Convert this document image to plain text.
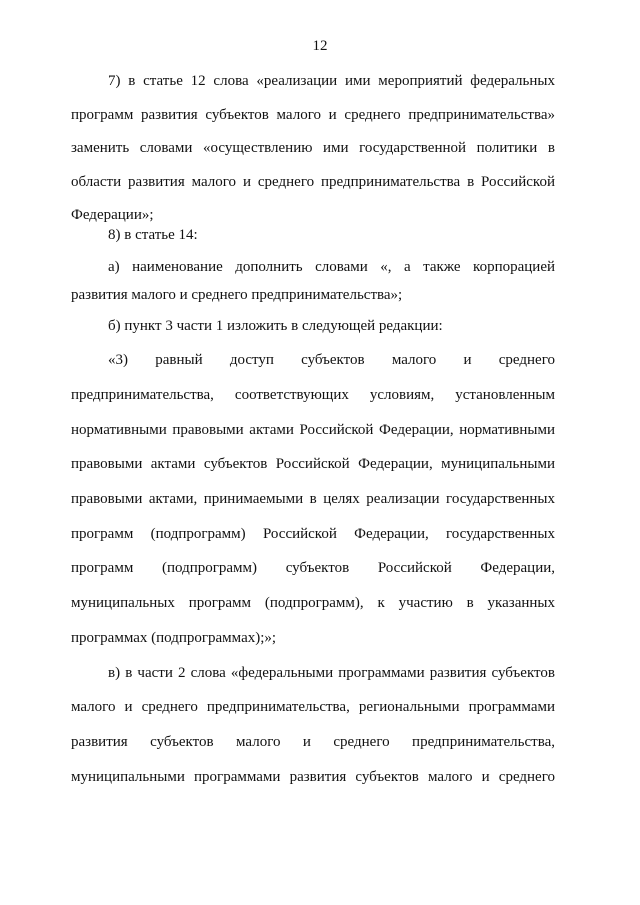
12
7) в статье 12 слова «реализации ими мероприятий федеральных
программ развития субъектов малого и среднего предпринимательства»
заменить словами «осуществлению ими государственной политики в
области развития малого и среднего предпринимательства в Российской
Федерации»;
8) в статье 14:
а) наименование дополнить словами «, а также корпорацией
развития малого и среднего предпринимательства»;
б) пункт 3 части 1 изложить в следующей редакции:
«3) равный доступ субъектов малого и среднего
предпринимательства, соответствующих условиям, установленным
нормативными правовыми актами Российской Федерации, нормативными
правовыми актами субъектов Российской Федерации, муниципальными
правовыми актами, принимаемыми в целях реализации государственных
программ (подпрограмм) Российской Федерации, государственных
программ (подпрограмм) субъектов Российской Федерации,
муниципальных программ (подпрограмм), к участию в указанных
программах (подпрограммах);»;
в) в части 2 слова «федеральными программами развития субъектов
малого и среднего предпринимательства, региональными программами
развития субъектов малого и среднего предпринимательства,
муниципальными программами развития субъектов малого и среднего
